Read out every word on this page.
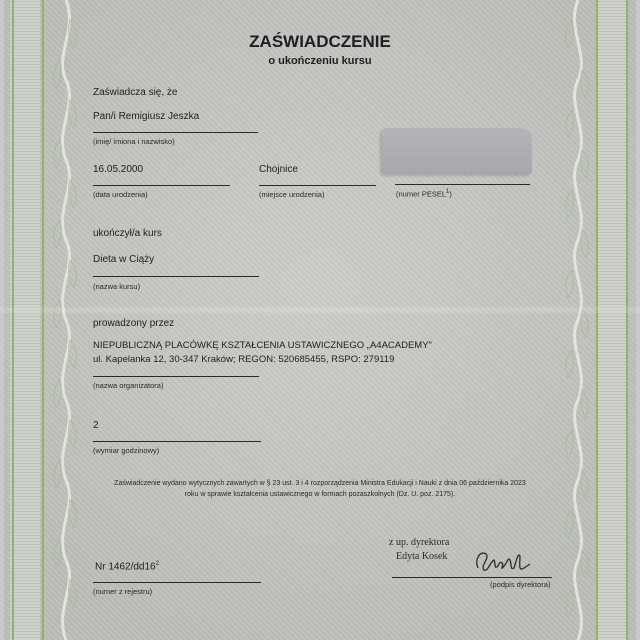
ZAŚWIADCZENIE
o ukończeniu kursu
Zaświadcza się, że
Pan/i Remigiusz Jeszka
(imię/ imiona i nazwisko)
16.05.2000
(data urodzenia)
Chojnice
(miejsce urodzenia)	(numer PESEL$^1$)
ukończył/a kurs
Dieta w Ciąży
(nazwa kursu)
prowadzony przez
NIEPUBLICZNĄ PLACÓWKĘ KSZTAŁCENIA USTAWICZNEGO „A4ACADEMY"
ul. Kapelanka 12, 30-347 Kraków; REGON: 520685455, RSPO: 279119
(nazwa organizatora)
2
(wymiar godzinowy)
Zaświadczenie wydano wytycznych zawartych w § 23 ust. 3 i 4 rozporządzenia Ministra Edukacji i Nauki z dnia 06 października 2023
roku w sprawie kształcenia ustawicznego w formach pozaszkolnych (Dz. U. poz. 2175).
Nr $1462/dd16^2$
(numer z rejestru)
z up. dyrektora
Edyta Kosek
(podpis dyrektora)
